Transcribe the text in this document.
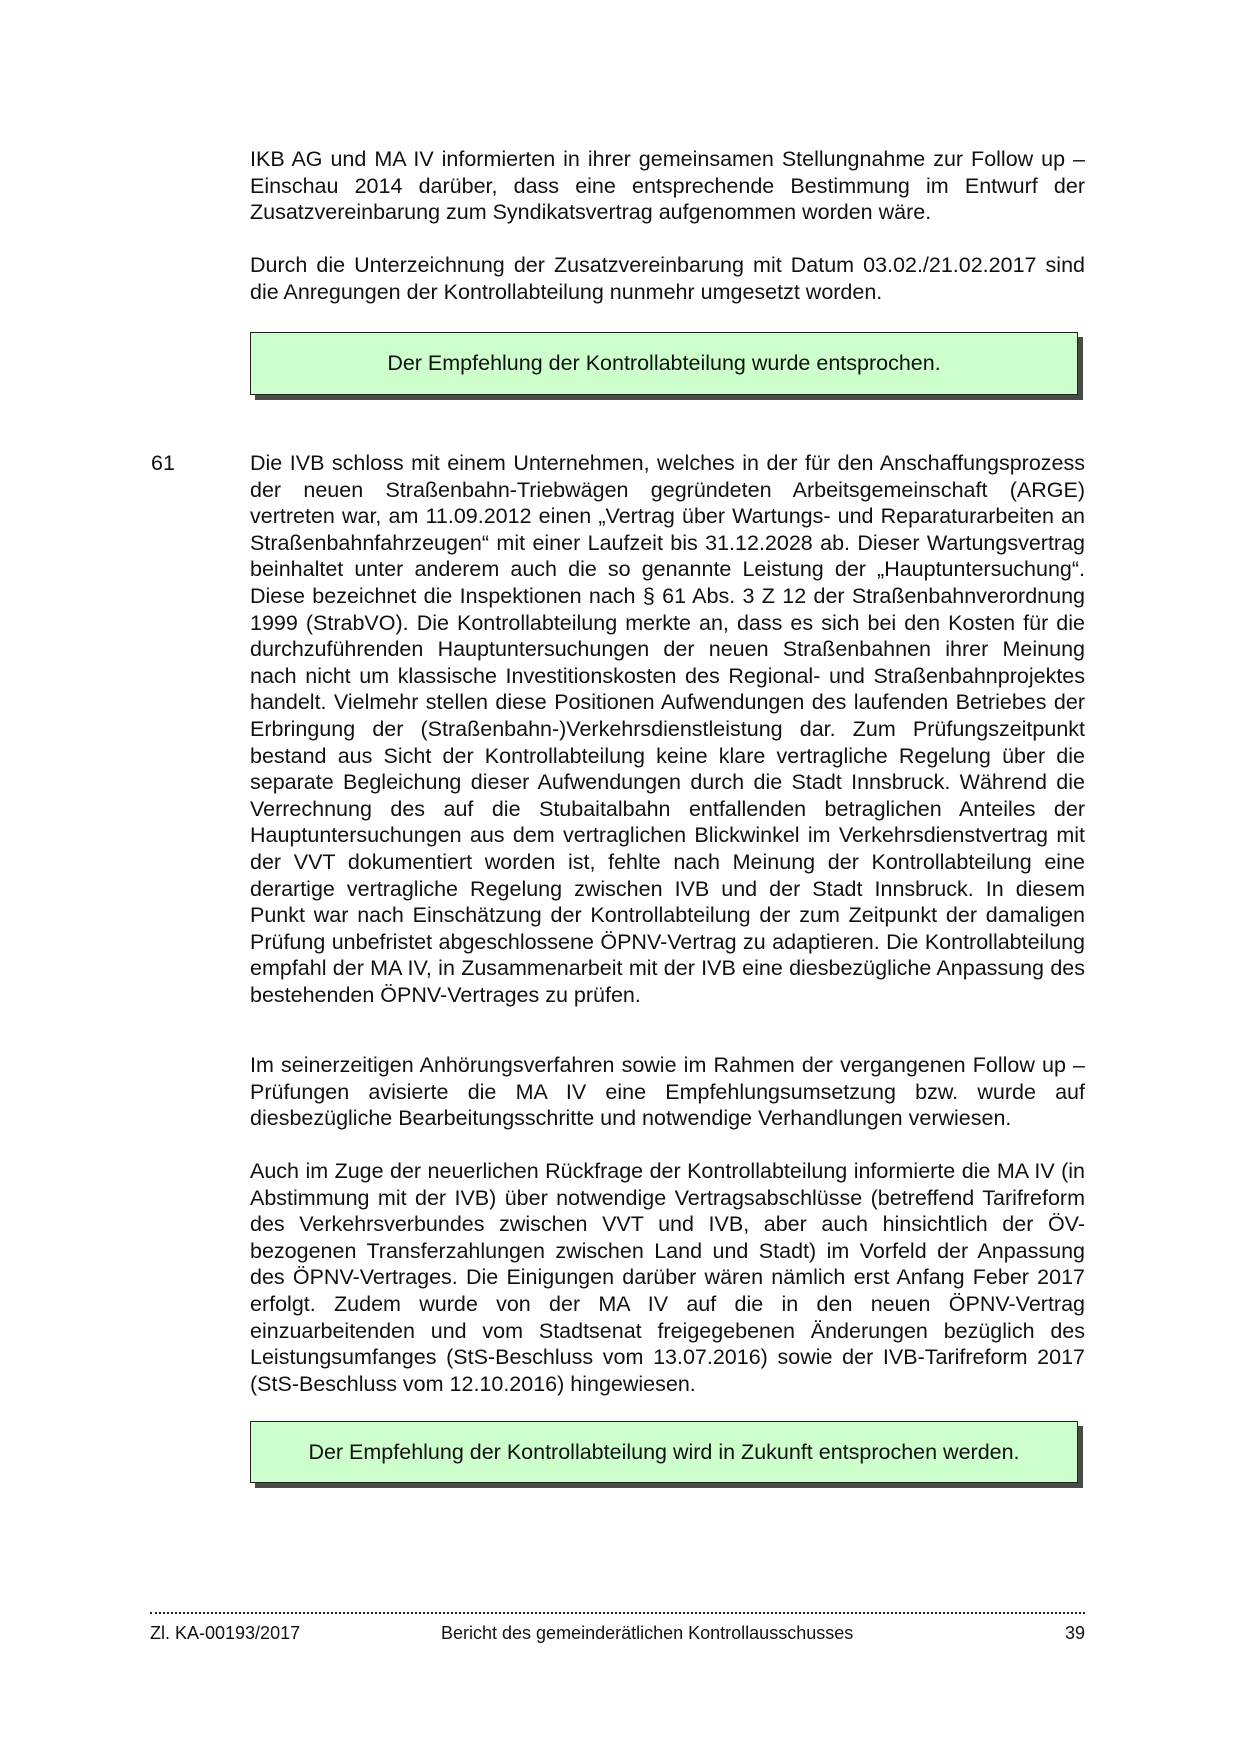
IKB AG und MA IV informierten in ihrer gemeinsamen Stellungnahme zur Follow up – Einschau 2014 darüber, dass eine entsprechende Bestimmung im Entwurf der Zusatzvereinbarung zum Syndikatsvertrag aufgenommen worden wäre.

Durch die Unterzeichnung der Zusatzvereinbarung mit Datum 03.02./21.02.2017 sind die Anregungen der Kontrollabteilung nunmehr umgesetzt worden.

Der Empfehlung der Kontrollabteilung wurde entsprochen.
61	Die IVB schloss mit einem Unternehmen, welches in der für den Anschaffungsprozess der neuen Straßenbahn-Triebwägen gegründeten Arbeitsgemeinschaft (ARGE) vertreten war, am 11.09.2012 einen „Vertrag über Wartungs- und Reparaturarbeiten an Straßenbahnfahrzeugen“ mit einer Laufzeit bis 31.12.2028 ab. Dieser Wartungsvertrag beinhaltet unter anderem auch die so genannte Leistung der „Hauptuntersuchung“. Diese bezeichnet die Inspektionen nach § 61 Abs. 3 Z 12 der Straßenbahnverordnung 1999 (StrabVO). Die Kontrollabteilung merkte an, dass es sich bei den Kosten für die durchzuführenden Hauptuntersuchungen der neuen Straßenbahnen ihrer Meinung nach nicht um klassische Investitionskosten des Regional- und Straßenbahnprojektes handelt. Vielmehr stellen diese Positionen Aufwendungen des laufenden Betriebes der Erbringung der (Straßenbahn-)Verkehrsdienstleistung dar. Zum Prüfungszeitpunkt bestand aus Sicht der Kontrollabteilung keine klare vertragliche Regelung über die separate Begleichung dieser Aufwendungen durch die Stadt Innsbruck. Während die Verrechnung des auf die Stubaitalbahn entfallenden betraglichen Anteiles der Hauptuntersuchungen aus dem vertraglichen Blickwinkel im Verkehrsdienstvertrag mit der VVT dokumentiert worden ist, fehlte nach Meinung der Kontrollabteilung eine derartige vertragliche Regelung zwischen IVB und der Stadt Innsbruck. In diesem Punkt war nach Einschätzung der Kontrollabteilung der zum Zeitpunkt der damaligen Prüfung unbefristet abgeschlossene ÖPNV-Vertrag zu adaptieren. Die Kontrollabteilung empfahl der MA IV, in Zusammenarbeit mit der IVB eine diesbezügliche Anpassung des bestehenden ÖPNV-Vertrages zu prüfen.

Im seinerzeitigen Anhörungsverfahren sowie im Rahmen der vergangenen Follow up – Prüfungen avisierte die MA IV eine Empfehlungsumsetzung bzw. wurde auf diesbezügliche Bearbeitungsschritte und notwendige Verhandlungen verwiesen.

Auch im Zuge der neuerlichen Rückfrage der Kontrollabteilung informierte die MA IV (in Abstimmung mit der IVB) über notwendige Vertragsabschlüsse (betreffend Tarifreform des Verkehrsverbundes zwischen VVT und IVB, aber auch hinsichtlich der ÖV-bezogenen Transferzahlungen zwischen Land und Stadt) im Vorfeld der Anpassung des ÖPNV-Vertrages. Die Einigungen darüber wären nämlich erst Anfang Feber 2017 erfolgt. Zudem wurde von der MA IV auf die in den neuen ÖPNV-Vertrag einzuarbeitenden und vom Stadtsenat freigegebenen Änderungen bezüglich des Leistungsumfanges (StS-Beschluss vom 13.07.2016) sowie der IVB-Tarifreform 2017 (StS-Beschluss vom 12.10.2016) hingewiesen.

Der Empfehlung der Kontrollabteilung wird in Zukunft entsprochen werden.
Zl. KA-00193/2017	Bericht des gemeinderätlichen Kontrollausschusses	39
